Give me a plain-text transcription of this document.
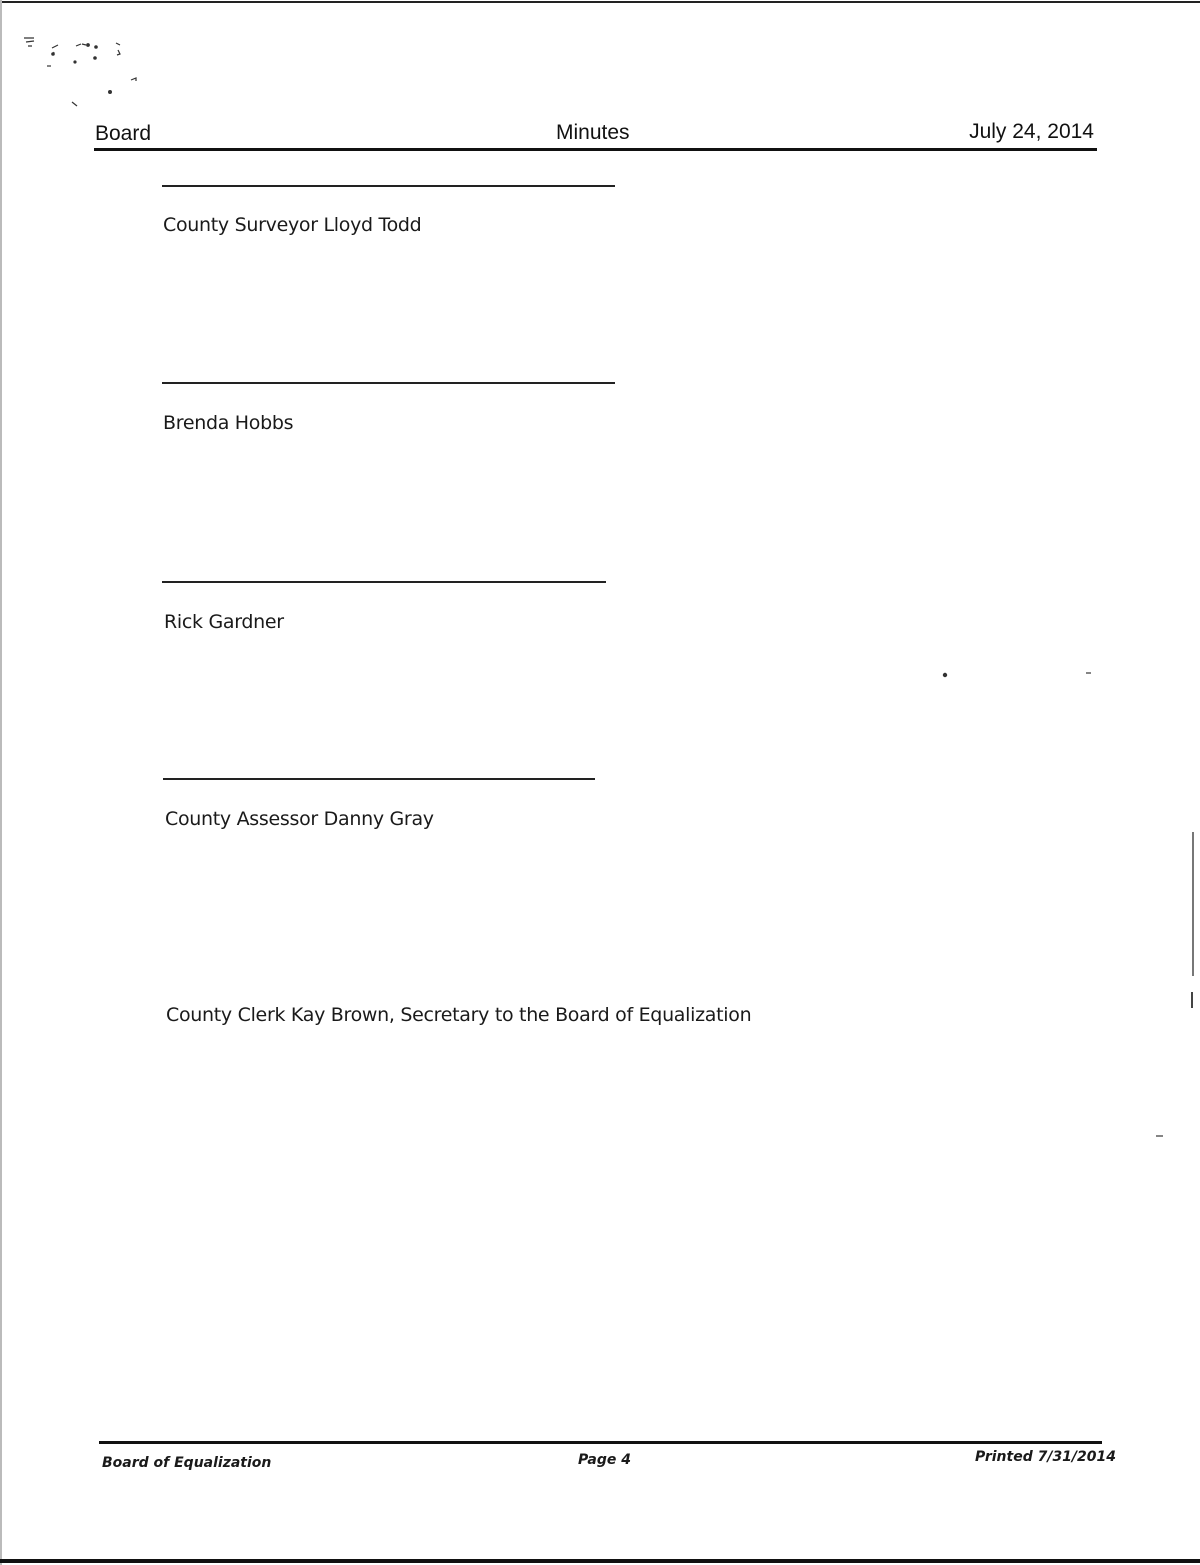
Board	Minutes	July 24, 2014
County Surveyor Lloyd Todd
Brenda Hobbs
Rick Gardner
County Assessor Danny Gray
County Clerk Kay Brown, Secretary to the Board of Equalization
Board of Equalization	Page 4	Printed 7/31/2014
